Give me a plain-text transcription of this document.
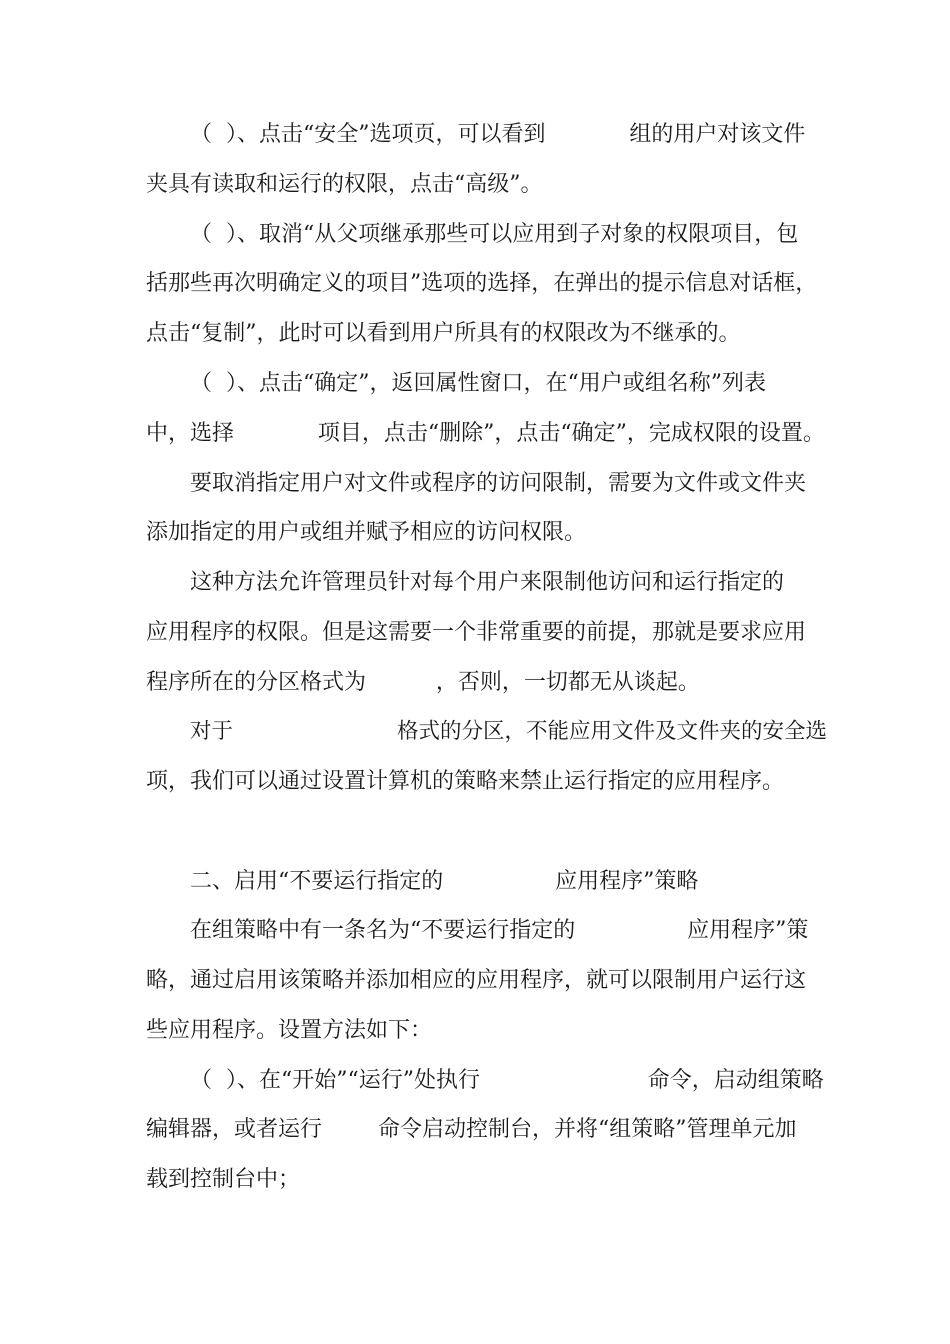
（  ）、点击“安全”选项页，可以看到            组的用户对该文件
夹具有读取和运行的权限，点击“高级”。
（  ）、取消“从父项继承那些可以应用到子对象的权限项目，包
括那些再次明确定义的项目”选项的选择，在弹出的提示信息对话框，
点击“复制”，此时可以看到用户所具有的权限改为不继承的。
（  ）、点击“确定”，返回属性窗口，在“用户或组名称”列表
中，选择            项目，点击“删除”，点击“确定”，完成权限的设置。
要取消指定用户对文件或程序的访问限制，需要为文件或文件夹
添加指定的用户或组并赋予相应的访问权限。
这种方法允许管理员针对每个用户来限制他访问和运行指定的
应用程序的权限。但是这需要一个非常重要的前提，那就是要求应用
程序所在的分区格式为          ，否则，一切都无从谈起。
对于                        格式的分区，不能应用文件及文件夹的安全选
项，我们可以通过设置计算机的策略来禁止运行指定的应用程序。
二、启用“不要运行指定的                应用程序”策略
在组策略中有一条名为“不要运行指定的                应用程序”策
略，通过启用该策略并添加相应的应用程序，就可以限制用户运行这
些应用程序。设置方法如下：
（  ）、在“开始”“运行”处执行                        命令，启动组策略
编辑器，或者运行        命令启动控制台，并将“组策略”管理单元加
载到控制台中；
